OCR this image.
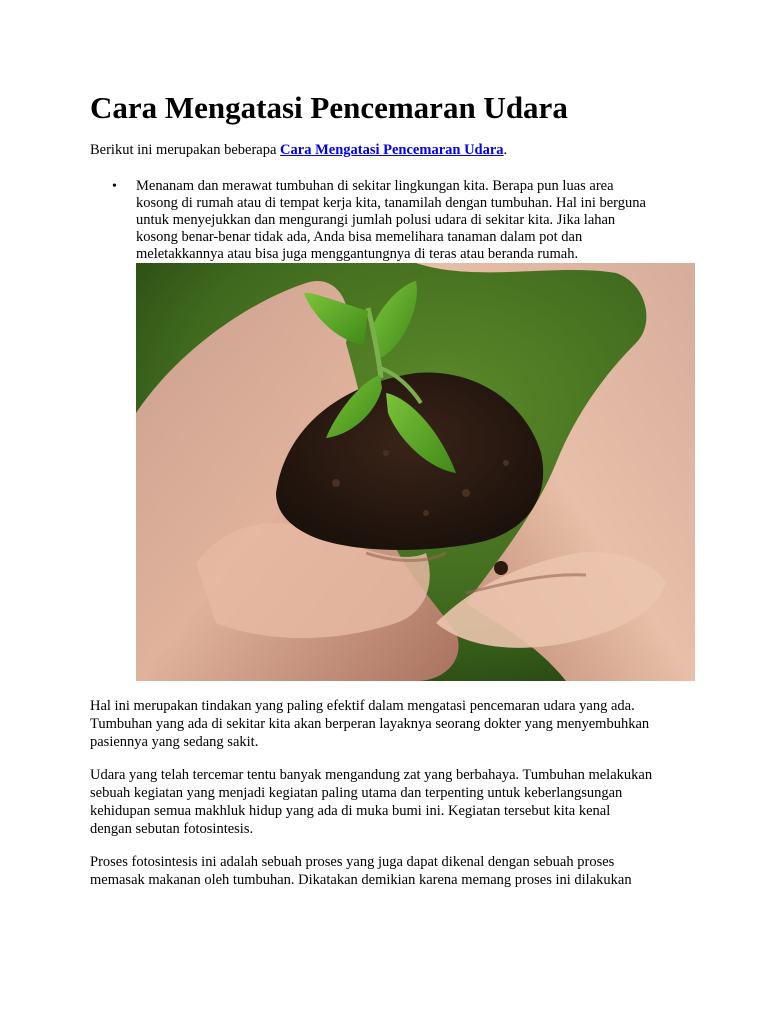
Cara Mengatasi Pencemaran Udara

Berikut ini merupakan beberapa Cara Mengatasi Pencemaran Udara.

• Menanam dan merawat tumbuhan di sekitar lingkungan kita. Berapa pun luas area
kosong di rumah atau di tempat kerja kita, tanamilah dengan tumbuhan. Hal ini berguna
untuk menyejukkan dan mengurangi jumlah polusi udara di sekitar kita. Jika lahan
kosong benar-benar tidak ada, Anda bisa memelihara tanaman dalam pot dan
meletakkannya atau bisa juga menggantungnya di teras atau beranda rumah.

Hal ini merupakan tindakan yang paling efektif dalam mengatasi pencemaran udara yang ada.
Tumbuhan yang ada di sekitar kita akan berperan layaknya seorang dokter yang menyembuhkan
pasiennya yang sedang sakit.

Udara yang telah tercemar tentu banyak mengandung zat yang berbahaya. Tumbuhan melakukan
sebuah kegiatan yang menjadi kegiatan paling utama dan terpenting untuk keberlangsungan
kehidupan semua makhluk hidup yang ada di muka bumi ini. Kegiatan tersebut kita kenal
dengan sebutan fotosintesis.

Proses fotosintesis ini adalah sebuah proses yang juga dapat dikenal dengan sebuah proses
memasak makanan oleh tumbuhan. Dikatakan demikian karena memang proses ini dilakukan
